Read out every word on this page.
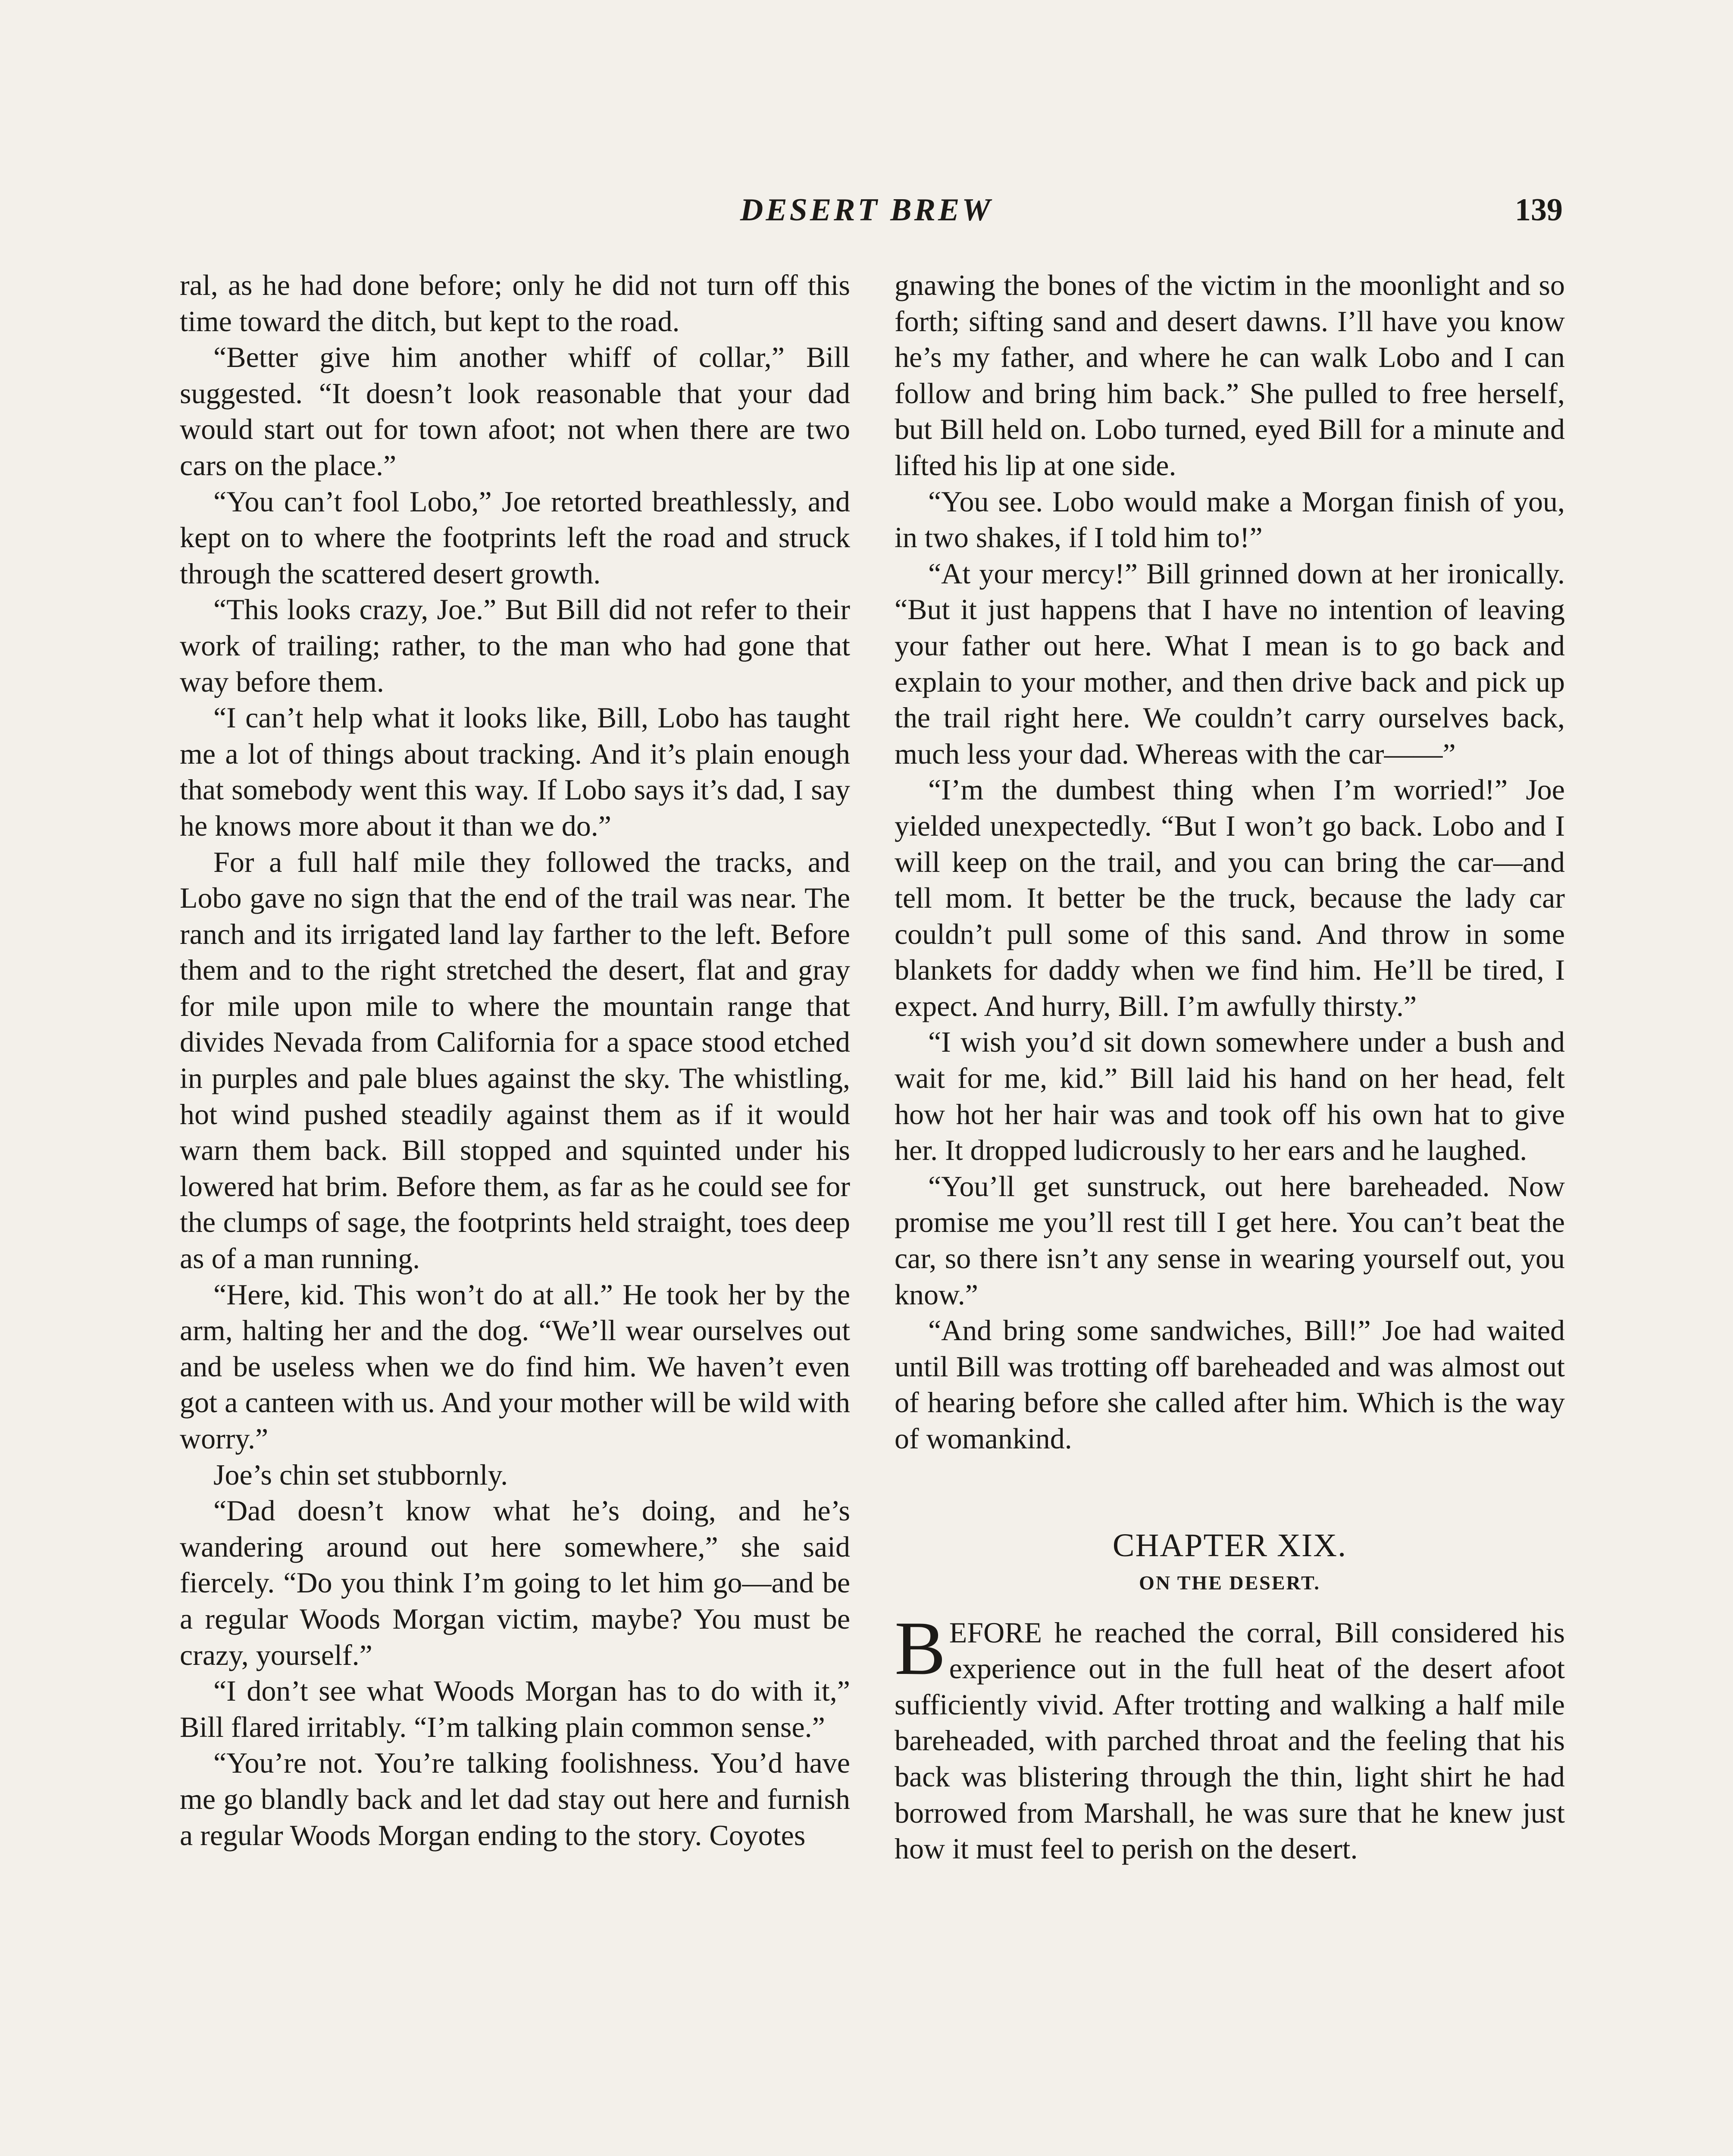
DESERT BREW	139

ral, as he had done before; only he did not turn off this time toward the ditch, but kept to the road.

“Better give him another whiff of collar,” Bill suggested. “It doesn’t look reasonable that your dad would start out for town afoot; not when there are two cars on the place.”

“You can’t fool Lobo,” Joe retorted breathlessly, and kept on to where the footprints left the road and struck through the scattered desert growth.

“This looks crazy, Joe.” But Bill did not refer to their work of trailing; rather, to the man who had gone that way before them.

“I can’t help what it looks like, Bill, Lobo has taught me a lot of things about tracking. And it’s plain enough that somebody went this way. If Lobo says it’s dad, I say he knows more about it than we do.”

For a full half mile they followed the tracks, and Lobo gave no sign that the end of the trail was near. The ranch and its irrigated land lay farther to the left. Before them and to the right stretched the desert, flat and gray for mile upon mile to where the mountain range that divides Nevada from California for a space stood etched in purples and pale blues against the sky. The whistling, hot wind pushed steadily against them as if it would warn them back. Bill stopped and squinted under his lowered hat brim. Before them, as far as he could see for the clumps of sage, the footprints held straight, toes deep as of a man running.

“Here, kid. This won’t do at all.” He took her by the arm, halting her and the dog. “We’ll wear ourselves out and be useless when we do find him. We haven’t even got a canteen with us. And your mother will be wild with worry.”

Joe’s chin set stubbornly.

“Dad doesn’t know what he’s doing, and he’s wandering around out here somewhere,” she said fiercely. “Do you think I’m going to let him go—and be a regular Woods Morgan victim, maybe? You must be crazy, yourself.”

“I don’t see what Woods Morgan has to do with it,” Bill flared irritably. “I’m talking plain common sense.”

“You’re not. You’re talking foolishness. You’d have me go blandly back and let dad stay out here and furnish a regular Woods Morgan ending to the story. Coyotes

gnawing the bones of the victim in the moonlight and so forth; sifting sand and desert dawns. I’ll have you know he’s my father, and where he can walk Lobo and I can follow and bring him back.” She pulled to free herself, but Bill held on. Lobo turned, eyed Bill for a minute and lifted his lip at one side.

“You see. Lobo would make a Morgan finish of you, in two shakes, if I told him to!”

“At your mercy!” Bill grinned down at her ironically. “But it just happens that I have no intention of leaving your father out here. What I mean is to go back and explain to your mother, and then drive back and pick up the trail right here. We couldn’t carry ourselves back, much less your dad. Whereas with the car——”

“I’m the dumbest thing when I’m worried!” Joe yielded unexpectedly. “But I won’t go back. Lobo and I will keep on the trail, and you can bring the car—and tell mom. It better be the truck, because the lady car couldn’t pull some of this sand. And throw in some blankets for daddy when we find him. He’ll be tired, I expect. And hurry, Bill. I’m awfully thirsty.”

“I wish you’d sit down somewhere under a bush and wait for me, kid.” Bill laid his hand on her head, felt how hot her hair was and took off his own hat to give her. It dropped ludicrously to her ears and he laughed.

“You’ll get sunstruck, out here bareheaded. Now promise me you’ll rest till I get here. You can’t beat the car, so there isn’t any sense in wearing yourself out, you know.”

“And bring some sandwiches, Bill!” Joe had waited until Bill was trotting off bareheaded and was almost out of hearing before she called after him. Which is the way of womankind.

CHAPTER XIX.
ON THE DESERT.

BEFORE he reached the corral, Bill considered his experience out in the full heat of the desert afoot sufficiently vivid. After trotting and walking a half mile bareheaded, with parched throat and the feeling that his back was blistering through the thin, light shirt he had borrowed from Marshall, he was sure that he knew just how it must feel to perish on the desert.
